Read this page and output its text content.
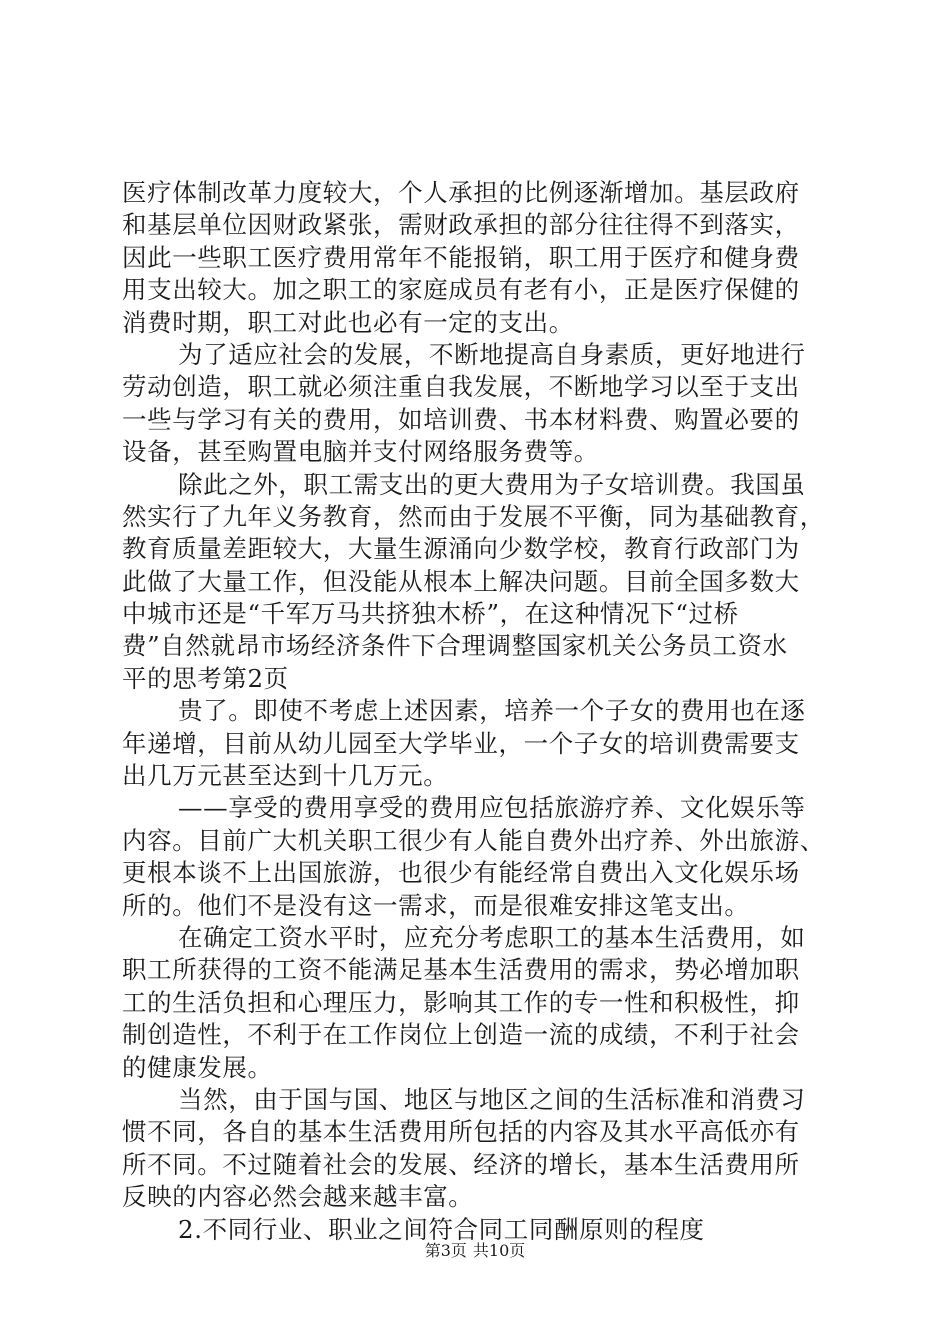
医疗体制改革力度较大，个人承担的比例逐渐增加。基层政府
和基层单位因财政紧张，需财政承担的部分往往得不到落实，
因此一些职工医疗费用常年不能报销，职工用于医疗和健身费
用支出较大。加之职工的家庭成员有老有小，正是医疗保健的
消费时期，职工对此也必有一定的支出。
为了适应社会的发展，不断地提高自身素质，更好地进行
劳动创造，职工就必须注重自我发展，不断地学习以至于支出
一些与学习有关的费用，如培训费、书本材料费、购置必要的
设备，甚至购置电脑并支付网络服务费等。
除此之外，职工需支出的更大费用为子女培训费。我国虽
然实行了九年义务教育，然而由于发展不平衡，同为基础教育，
教育质量差距较大，大量生源涌向少数学校，教育行政部门为
此做了大量工作，但没能从根本上解决问题。目前全国多数大
中城市还是“千军万马共挤独木桥”，在这种情况下“过桥
费”自然就昂市场经济条件下合理调整国家机关公务员工资水
平的思考第2页
贵了。即使不考虑上述因素，培养一个子女的费用也在逐
年递增，目前从幼儿园至大学毕业，一个子女的培训费需要支
出几万元甚至达到十几万元。
——享受的费用享受的费用应包括旅游疗养、文化娱乐等
内容。目前广大机关职工很少有人能自费外出疗养、外出旅游、
更根本谈不上出国旅游，也很少有能经常自费出入文化娱乐场
所的。他们不是没有这一需求，而是很难安排这笔支出。
在确定工资水平时，应充分考虑职工的基本生活费用，如
职工所获得的工资不能满足基本生活费用的需求，势必增加职
工的生活负担和心理压力，影响其工作的专一性和积极性，抑
制创造性，不利于在工作岗位上创造一流的成绩，不利于社会
的健康发展。
当然，由于国与国、地区与地区之间的生活标准和消费习
惯不同，各自的基本生活费用所包括的内容及其水平高低亦有
所不同。不过随着社会的发展、经济的增长，基本生活费用所
反映的内容必然会越来越丰富。
2.不同行业、职业之间符合同工同酬原则的程度
第3页 共10页
